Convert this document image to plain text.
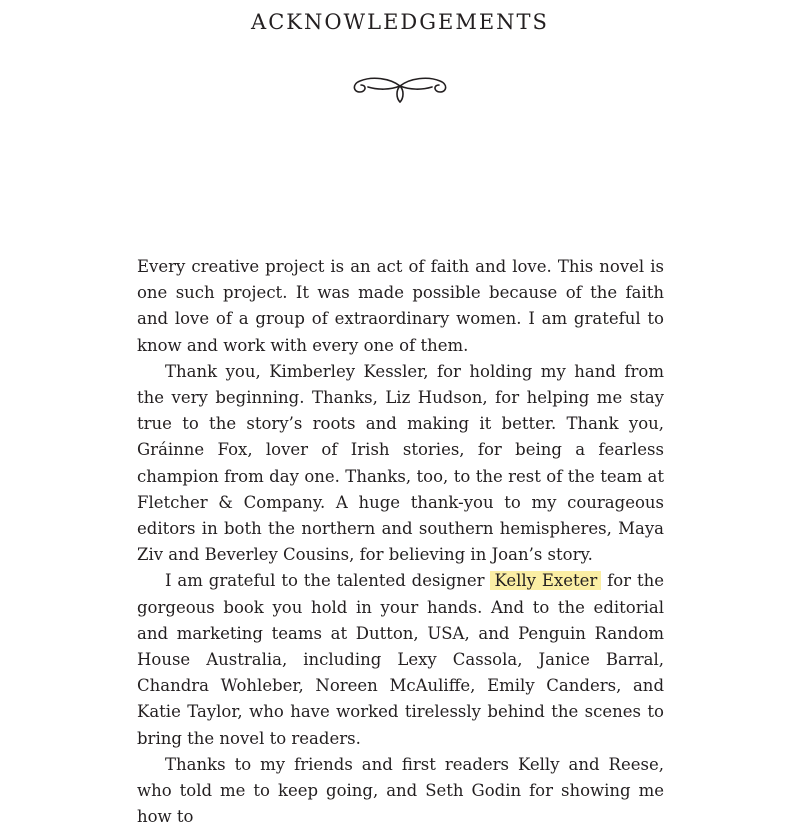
ACKNOWLEDGEMENTS

Every creative project is an act of faith and love. This novel is one such project. It was made possible because of the faith and love of a group of extraordinary women. I am grateful to know and work with every one of them.

Thank you, Kimberley Kessler, for holding my hand from the very beginning. Thanks, Liz Hudson, for helping me stay true to the story’s roots and making it better. Thank you, Gráinne Fox, lover of Irish stories, for being a fearless champion from day one. Thanks, too, to the rest of the team at Fletcher & Company. A huge thank-you to my courageous editors in both the northern and southern hemispheres, Maya Ziv and Beverley Cousins, for believing in Joan’s story.

I am grateful to the talented designer Kelly Exeter for the gorgeous book you hold in your hands. And to the editorial and marketing teams at Dutton, USA, and Penguin Random House Australia, including Lexy Cassola, Janice Barral, Chandra Wohleber, Noreen McAuliffe, Emily Canders, and Katie Taylor, who have worked tirelessly behind the scenes to bring the novel to readers.

Thanks to my friends and first readers Kelly and Reese, who told me to keep going, and Seth Godin for showing me how to
